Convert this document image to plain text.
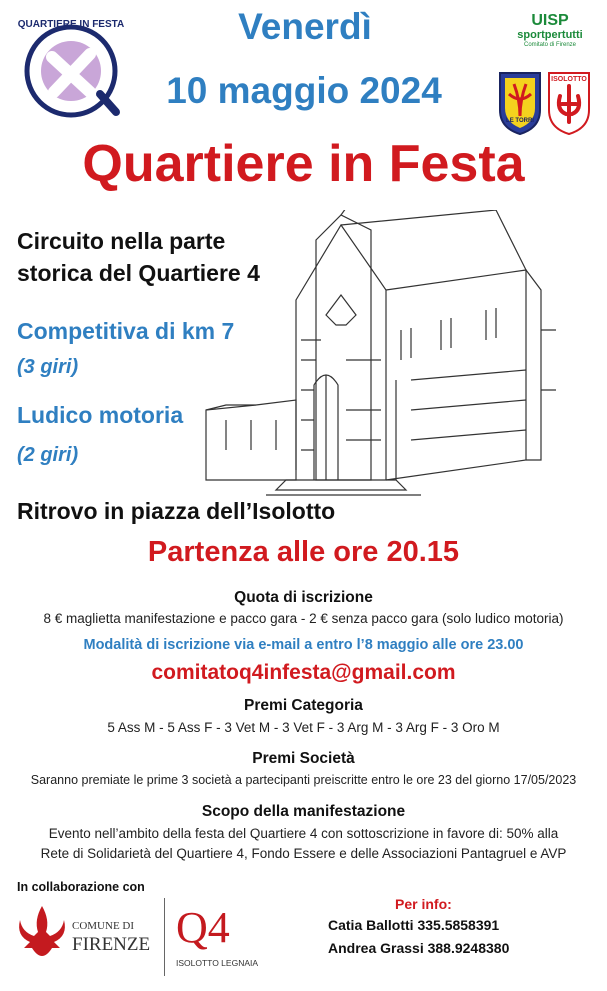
QUARTIERE IN FESTA	Venerdì
10 maggio 2024
Quartiere in Festa
UISP
sportpertutti
Comitato di Firenze
LE TORRI
ISOLOTTO
Circuito nella parte
storica del Quartiere 4
Competitiva di km 7
(3 giri)
Ludico motoria
(2 giri)
Ritrovo in piazza dell’Isolotto
Partenza alle ore 20.15
Quota di iscrizione
8 € maglietta manifestazione e pacco gara - 2 € senza pacco gara (solo ludico motoria)
Modalità di iscrizione via e-mail a entro l’8 maggio alle ore 23.00
comitatoq4infesta@gmail.com
Premi Categoria
5 Ass M - 5 Ass F - 3 Vet M - 3 Vet F - 3 Arg M - 3 Arg F - 3 Oro M
Premi Società
Saranno premiate le prime 3 società a partecipanti preiscritte entro le ore 23 del giorno 17/05/2023
Scopo della manifestazione
Evento nell’ambito della festa del Quartiere 4 con sottoscrizione in favore di: 50% alla
Rete di Solidarietà del Quartiere 4, Fondo Essere e delle Associazioni Pantagruel e AVP
In collaborazione con
COMUNE DI
FIRENZE Q4
ISOLOTTO LEGNAIA
Per info:
Catia Ballotti 335.5858391
Andrea Grassi 388.9248380
